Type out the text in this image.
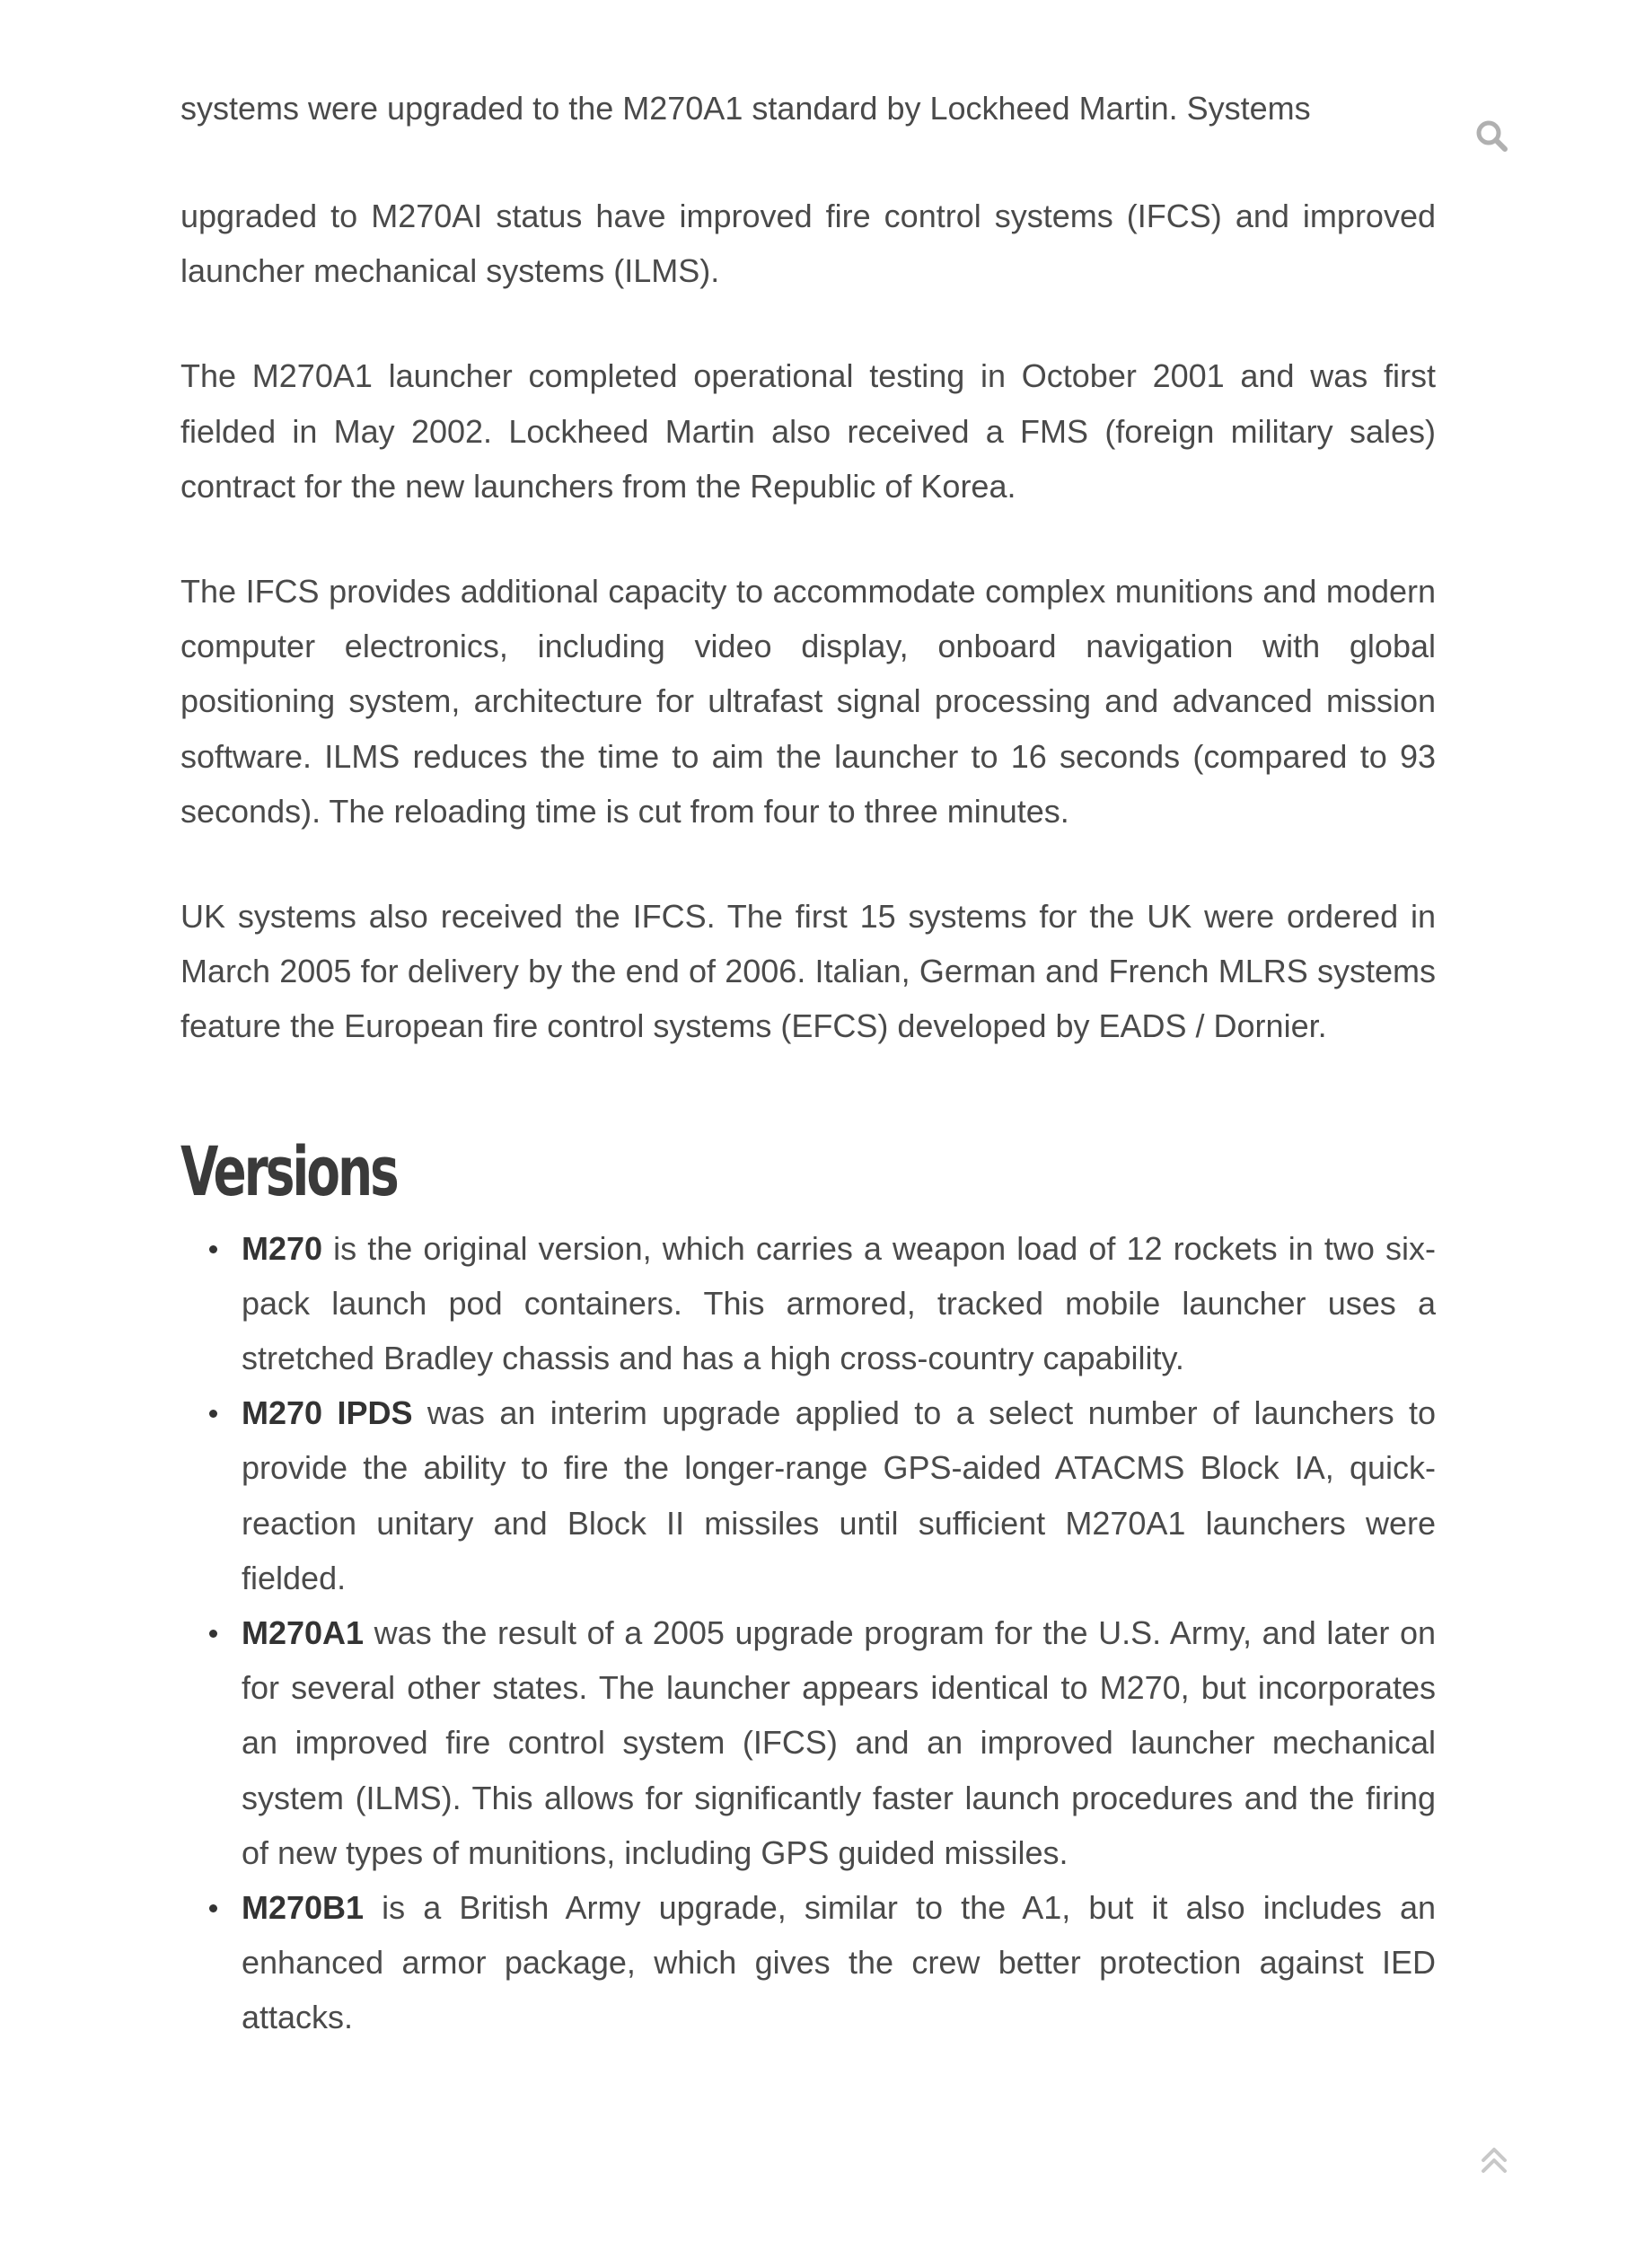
systems were upgraded to the M270A1 standard by Lockheed Martin. Systems

upgraded to M270AI status have improved fire control systems (IFCS) and improved launcher mechanical systems (ILMS).

The M270A1 launcher completed operational testing in October 2001 and was first fielded in May 2002. Lockheed Martin also received a FMS (foreign military sales) contract for the new launchers from the Republic of Korea.

The IFCS provides additional capacity to accommodate complex munitions and modern computer electronics, including video display, onboard navigation with global positioning system, architecture for ultrafast signal processing and advanced mission software. ILMS reduces the time to aim the launcher to 16 seconds (compared to 93 seconds). The reloading time is cut from four to three minutes.

UK systems also received the IFCS. The first 15 systems for the UK were ordered in March 2005 for delivery by the end of 2006. Italian, German and French MLRS systems feature the European fire control systems (EFCS) developed by EADS / Dornier.

Versions
M270 is the original version, which carries a weapon load of 12 rockets in two six-pack launch pod containers. This armored, tracked mobile launcher uses a stretched Bradley chassis and has a high cross-country capability.
M270 IPDS was an interim upgrade applied to a select number of launchers to provide the ability to fire the longer-range GPS-aided ATACMS Block IA, quick-reaction unitary and Block II missiles until sufficient M270A1 launchers were fielded.
M270A1 was the result of a 2005 upgrade program for the U.S. Army, and later on for several other states. The launcher appears identical to M270, but incorporates an improved fire control system (IFCS) and an improved launcher mechanical system (ILMS). This allows for significantly faster launch procedures and the firing of new types of munitions, including GPS guided missiles.
M270B1 is a British Army upgrade, similar to the A1, but it also includes an enhanced armor package, which gives the crew better protection against IED attacks.
